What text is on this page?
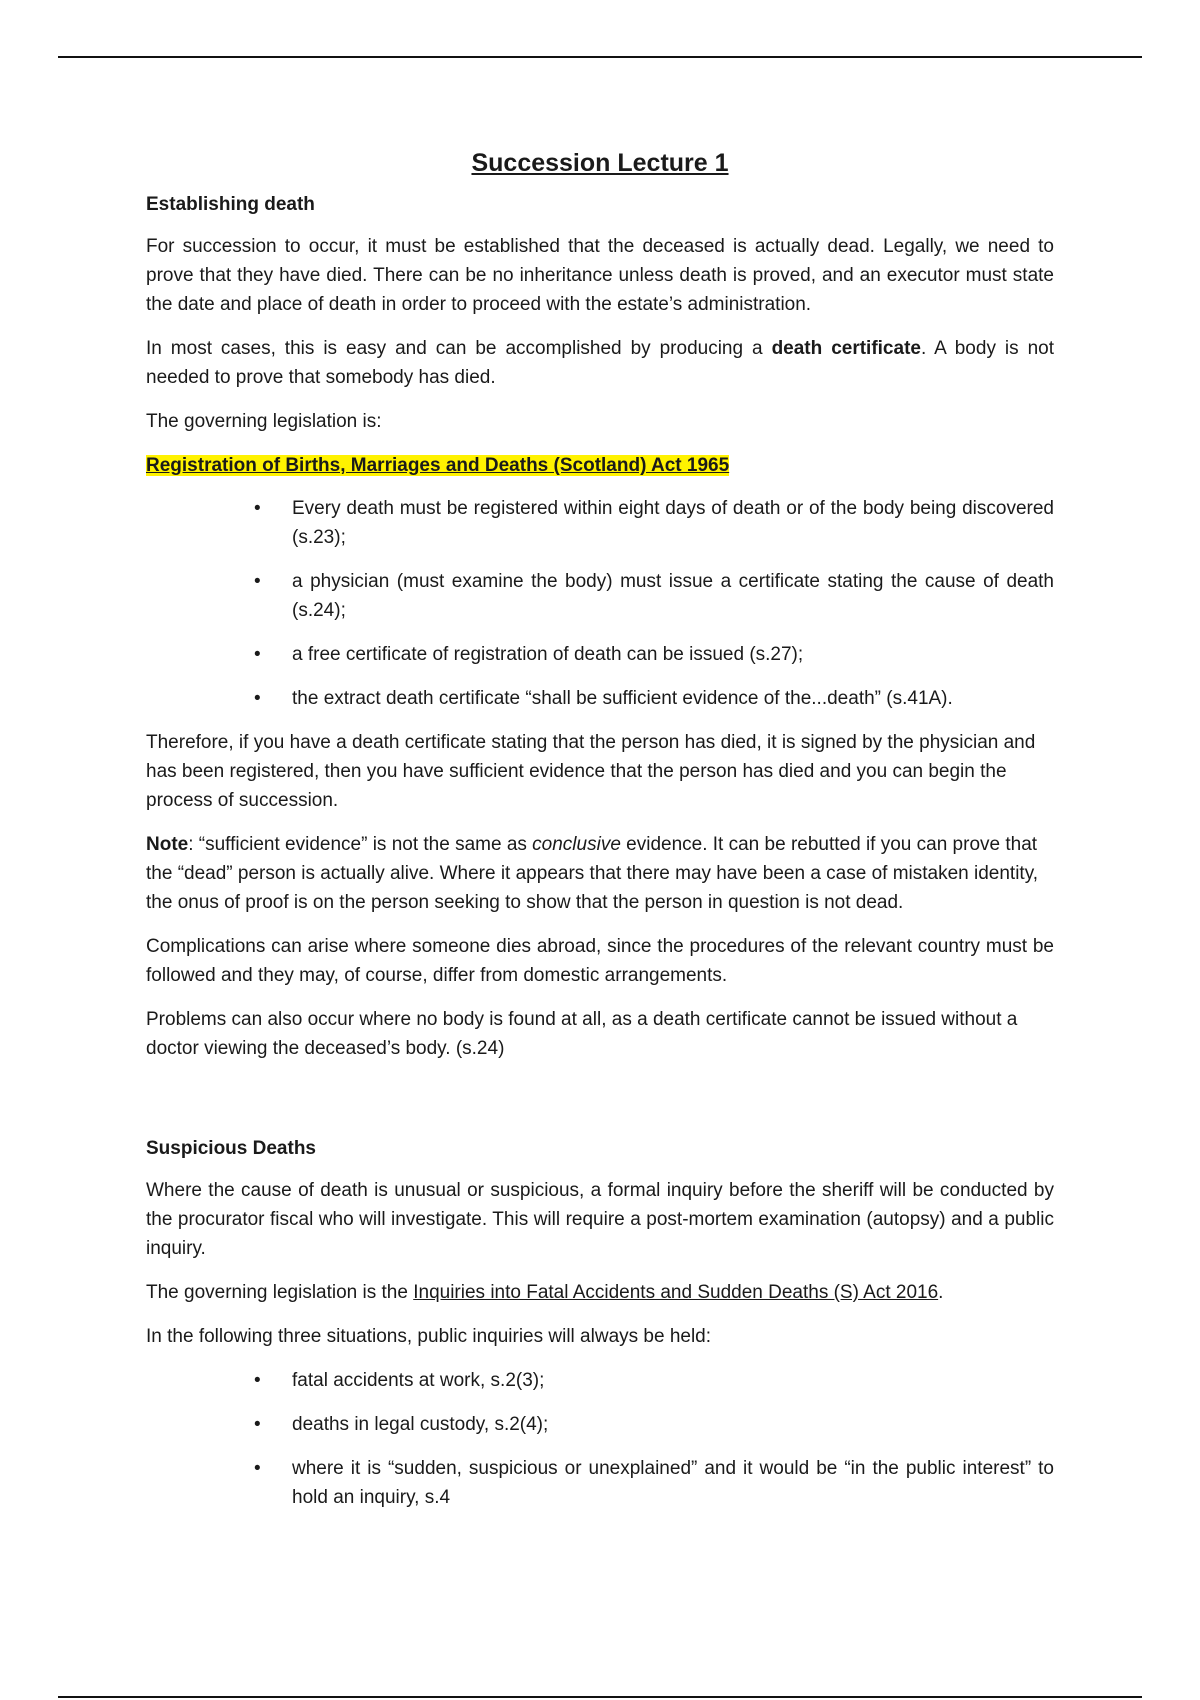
Succession Lecture 1
Establishing death

For succession to occur, it must be established that the deceased is actually dead. Legally, we need to prove that they have died. There can be no inheritance unless death is proved, and an executor must state the date and place of death in order to proceed with the estate’s administration.

In most cases, this is easy and can be accomplished by producing a death certificate. A body is not needed to prove that somebody has died.

The governing legislation is:

Registration of Births, Marriages and Deaths (Scotland) Act 1965
• Every death must be registered within eight days of death or of the body being discovered (s.23);
• a physician (must examine the body) must issue a certificate stating the cause of death (s.24);
• a free certificate of registration of death can be issued (s.27);
• the extract death certificate “shall be sufficient evidence of the...death” (s.41A).

Therefore, if you have a death certificate stating that the person has died, it is signed by the physician and has been registered, then you have sufficient evidence that the person has died and you can begin the process of succession.

Note: “sufficient evidence” is not the same as conclusive evidence. It can be rebutted if you can prove that the “dead” person is actually alive. Where it appears that there may have been a case of mistaken identity, the onus of proof is on the person seeking to show that the person in question is not dead.

Complications can arise where someone dies abroad, since the procedures of the relevant country must be followed and they may, of course, differ from domestic arrangements.

Problems can also occur where no body is found at all, as a death certificate cannot be issued without a doctor viewing the deceased’s body. (s.24)

Suspicious Deaths

Where the cause of death is unusual or suspicious, a formal inquiry before the sheriff will be conducted by the procurator fiscal who will investigate. This will require a post-mortem examination (autopsy) and a public inquiry.

The governing legislation is the Inquiries into Fatal Accidents and Sudden Deaths (S) Act 2016.

In the following three situations, public inquiries will always be held:

• fatal accidents at work, s.2(3);
• deaths in legal custody, s.2(4);
• where it is “sudden, suspicious or unexplained” and it would be “in the public interest” to hold an inquiry, s.4
